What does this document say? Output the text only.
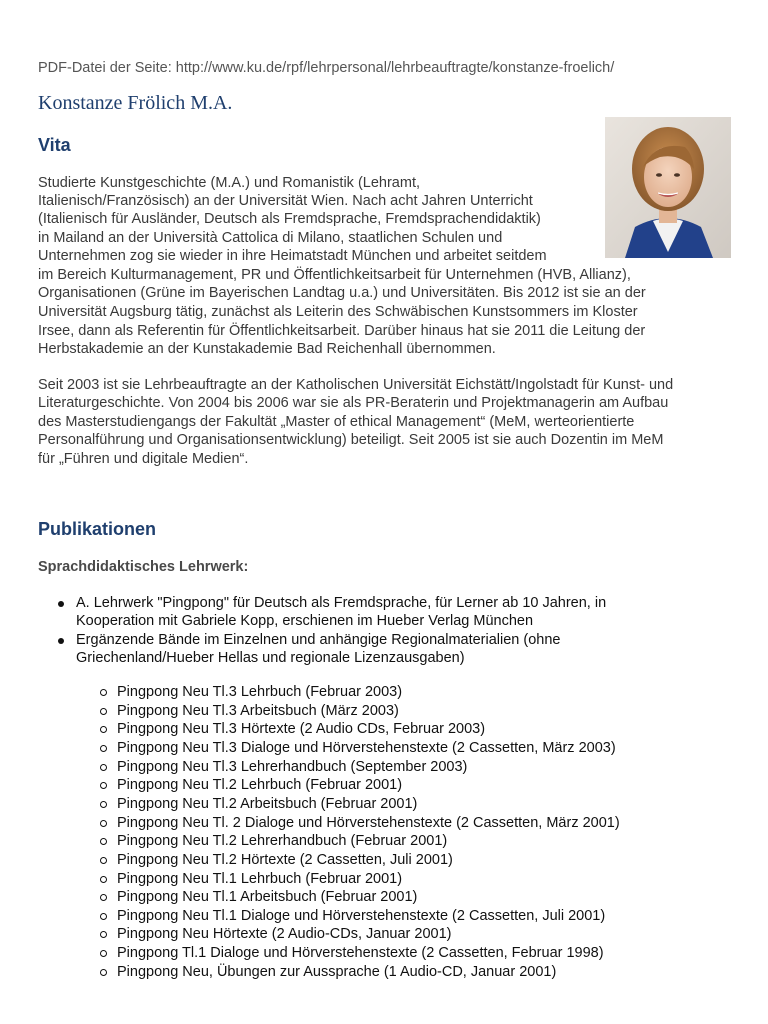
PDF-Datei der Seite: http://www.ku.de/rpf/lehrpersonal/lehrbeauftragte/konstanze-froelich/
Konstanze Frölich M.A.
Vita
Studierte Kunstgeschichte (M.A.) und Romanistik (Lehramt,
Italienisch/Französisch) an der Universität Wien. Nach acht Jahren Unterricht
(Italienisch für Ausländer, Deutsch als Fremdsprache, Fremdsprachendidaktik)
in Mailand an der Università Cattolica di Milano, staatlichen Schulen und
Unternehmen zog sie wieder in ihre Heimatstadt München und arbeitet seitdem
im Bereich Kulturmanagement, PR und Öffentlichkeitsarbeit für Unternehmen (HVB, Allianz),
Organisationen (Grüne im Bayerischen Landtag u.a.) und Universitäten. Bis 2012 ist sie an der
Universität Augsburg tätig, zunächst als Leiterin des Schwäbischen Kunstsommers im Kloster
Irsee, dann als Referentin für Öffentlichkeitsarbeit. Darüber hinaus hat sie 2011 die Leitung der
Herbstakademie an der Kunstakademie Bad Reichenhall übernommen.
Seit 2003 ist sie Lehrbeauftragte an der Katholischen Universität Eichstätt/Ingolstadt für Kunst- und
Literaturgeschichte. Von 2004 bis 2006 war sie als PR-Beraterin und Projektmanagerin am Aufbau
des Masterstudiengangs der Fakultät „Master of ethical Management“ (MeM, werteorientierte
Personalführung und Organisationsentwicklung) beteiligt. Seit 2005 ist sie auch Dozentin im MeM
für „Führen und digitale Medien“.
Publikationen
Sprachdidaktisches Lehrwerk:
A. Lehrwerk "Pingpong" für Deutsch als Fremdsprache, für Lerner ab 10 Jahren, in
Kooperation mit Gabriele Kopp, erschienen im Hueber Verlag München
Ergänzende Bände im Einzelnen und anhängige Regionalmaterialien (ohne
Griechenland/Hueber Hellas und regionale Lizenzausgaben)
Pingpong Neu Tl.3 Lehrbuch (Februar 2003)
Pingpong Neu Tl.3 Arbeitsbuch (März 2003)
Pingpong Neu Tl.3 Hörtexte (2 Audio CDs, Februar 2003)
Pingpong Neu Tl.3 Dialoge und Hörverstehenstexte (2 Cassetten, März 2003)
Pingpong Neu Tl.3 Lehrerhandbuch (September 2003)
Pingpong Neu Tl.2 Lehrbuch (Februar 2001)
Pingpong Neu Tl.2 Arbeitsbuch (Februar 2001)
Pingpong Neu Tl. 2 Dialoge und Hörverstehenstexte (2 Cassetten, März 2001)
Pingpong Neu Tl.2 Lehrerhandbuch (Februar 2001)
Pingpong Neu Tl.2 Hörtexte (2 Cassetten, Juli 2001)
Pingpong Neu Tl.1 Lehrbuch (Februar 2001)
Pingpong Neu Tl.1 Arbeitsbuch (Februar 2001)
Pingpong Neu Tl.1 Dialoge und Hörverstehenstexte (2 Cassetten, Juli 2001)
Pingpong Neu Hörtexte (2 Audio-CDs, Januar 2001)
Pingpong Tl.1 Dialoge und Hörverstehenstexte (2 Cassetten, Februar 1998)
Pingpong Neu, Übungen zur Aussprache (1 Audio-CD, Januar 2001)
